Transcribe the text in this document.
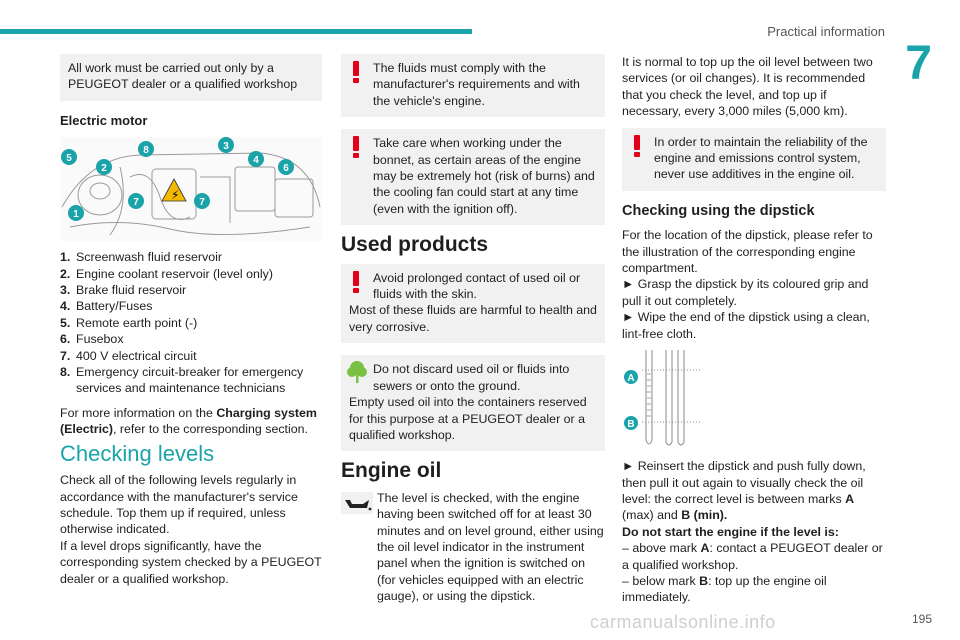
Practical information
7
All work must be carried out only by a PEUGEOT dealer or a qualified workshop
Electric motor
⚡
5
2
8	3
4
6
7	7
1
1. Screenwash fluid reservoir
2. Engine coolant reservoir (level only)
3. Brake fluid reservoir
4. Battery/Fuses
5. Remote earth point (-)
6. Fusebox
7. 400 V electrical circuit
8. Emergency circuit-breaker for emergency services and maintenance technicians

For more information on the Charging system (Electric), refer to the corresponding section.

Checking levels

Check all of the following levels regularly in accordance with the manufacturer's service schedule. Top them up if required, unless otherwise indicated.
If a level drops significantly, have the corresponding system checked by a PEUGEOT dealer or a qualified workshop.

The fluids must comply with the manufacturer's requirements and with the vehicle's engine.
Take care when working under the bonnet, as certain areas of the engine may be extremely hot (risk of burns) and the cooling fan could start at any time (even with the ignition off).
Used products
Avoid prolonged contact of used oil or fluids with the skin.
Most of these fluids are harmful to health and very corrosive.
Do not discard used oil or fluids into sewers or onto the ground.
Empty used oil into the containers reserved for this purpose at a PEUGEOT dealer or a qualified workshop.
Engine oil
The level is checked, with the engine having been switched off for at least 30 minutes and on level ground, either using the oil level indicator in the instrument panel when the ignition is switched on (for vehicles equipped with an electric gauge), or using the dipstick.

It is normal to top up the oil level between two services (or oil changes). It is recommended that you check the level, and top up if necessary, every 3,000 miles (5,000 km).

In order to maintain the reliability of the engine and emissions control system, never use additives in the engine oil.
Checking using the dipstick

For the location of the dipstick, please refer to the illustration of the corresponding engine compartment.
► Grasp the dipstick by its coloured grip and pull it out completely.
► Wipe the end of the dipstick using a clean, lint-free cloth.

A
B

► Reinsert the dipstick and push fully down, then pull it out again to visually check the oil level: the correct level is between marks A (max) and B (min).
Do not start the engine if the level is:
– above mark A: contact a PEUGEOT dealer or a qualified workshop.
– below mark B: top up the engine oil immediately.

carmanualsonline.info	195
